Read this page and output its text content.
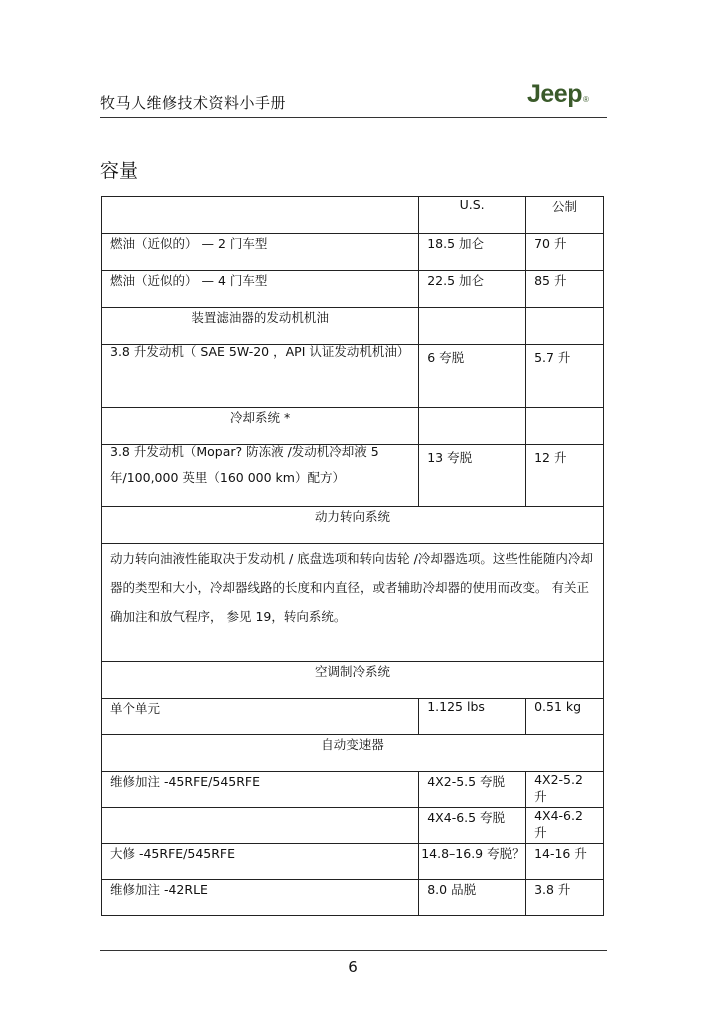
牧马人维修技术资料小手册	Jeep®
容量
	U.S.	公制
燃油（近似的） — 2 门车型	18.5 加仑	70 升
燃油（近似的） — 4 门车型	22.5 加仑	85 升
装置滤油器的发动机机油		

3.8 升发动机（ SAE 5W-20 ，API 认证发动机机油）	6 夸脱	5.7 升
冷却系统 *		

3.8 升发动机（Mopar? 防冻液 /发动机冷却液 5 年/100,000 英里（160 000 km）配方）	13 夸脱	12 升
动力转向系统		
动力转向油液性能取决于发动机 / 底盘选项和转向齿轮 /冷却器选项。这些性能随内冷却器的类型和大小，冷却器线路的长度和内直径，或者辅助冷却器的使用而改变。 有关正确加注和放气程序， 参见 19，转向系统。		
空调制冷系统		
单个单元	1.125 lbs	0.51 kg
自动变速器		
维修加注 -45RFE/545RFE	4X2-5.5 夸脱	4X2-5.2 升
	4X4-6.5 夸脱	4X4-6.2 升
大修 -45RFE/545RFE	14.8–16.9 夸脱？	14-16 升
维修加注 -42RLE	8.0 品脱	3.8 升
6
